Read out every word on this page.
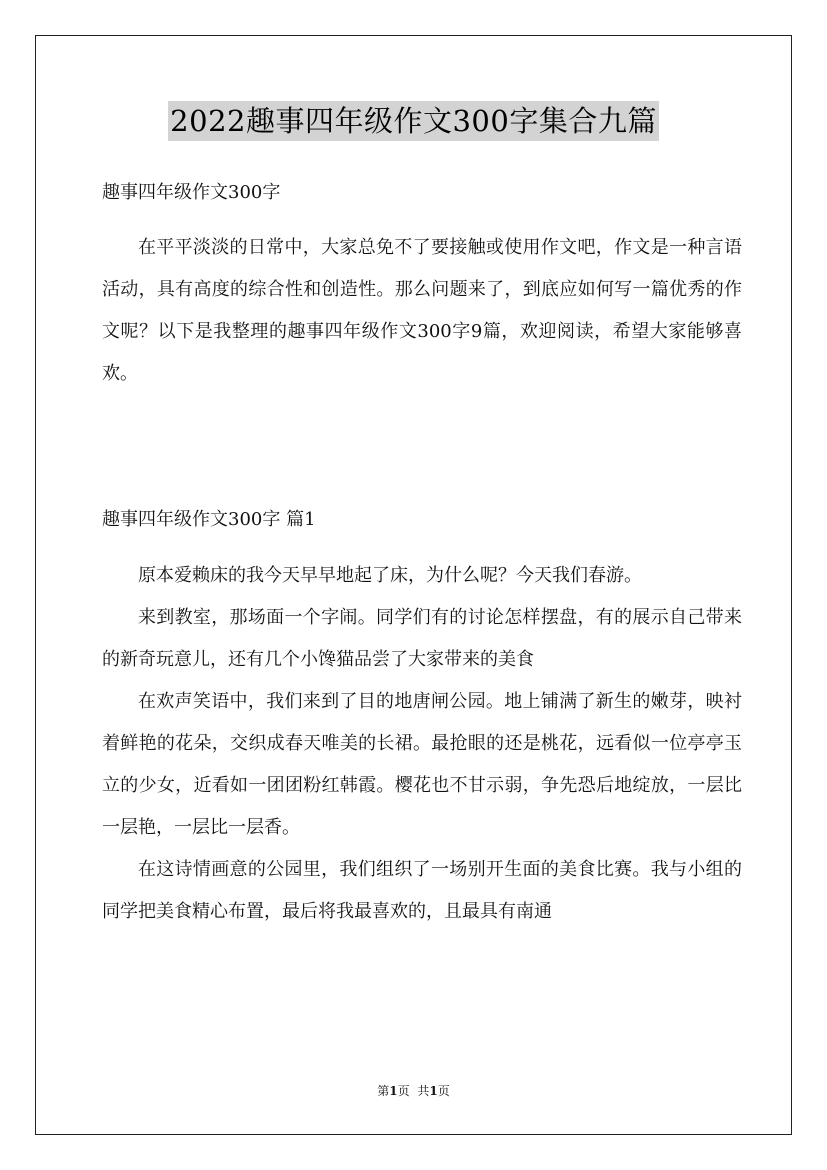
2022趣事四年级作文300字集合九篇
趣事四年级作文300字

在平平淡淡的日常中，大家总免不了要接触或使用作文吧，作文是一种言语活动，具有高度的综合性和创造性。那么问题来了，到底应如何写一篇优秀的作文呢？以下是我整理的趣事四年级作文300字9篇，欢迎阅读，希望大家能够喜欢。

趣事四年级作文300字 篇1

原本爱赖床的我今天早早地起了床，为什么呢？今天我们春游。

来到教室，那场面一个字闹。同学们有的讨论怎样摆盘，有的展示自己带来的新奇玩意儿，还有几个小馋猫品尝了大家带来的美食

在欢声笑语中，我们来到了目的地唐闸公园。地上铺满了新生的嫩芽，映衬着鲜艳的花朵，交织成春天唯美的长裙。最抢眼的还是桃花，远看似一位亭亭玉立的少女，近看如一团团粉红韩霞。樱花也不甘示弱，争先恐后地绽放，一层比一层艳，一层比一层香。

在这诗情画意的公园里，我们组织了一场别开生面的美食比赛。我与小组的同学把美食精心布置，最后将我最喜欢的，且最具有南通

第1页 共1页
